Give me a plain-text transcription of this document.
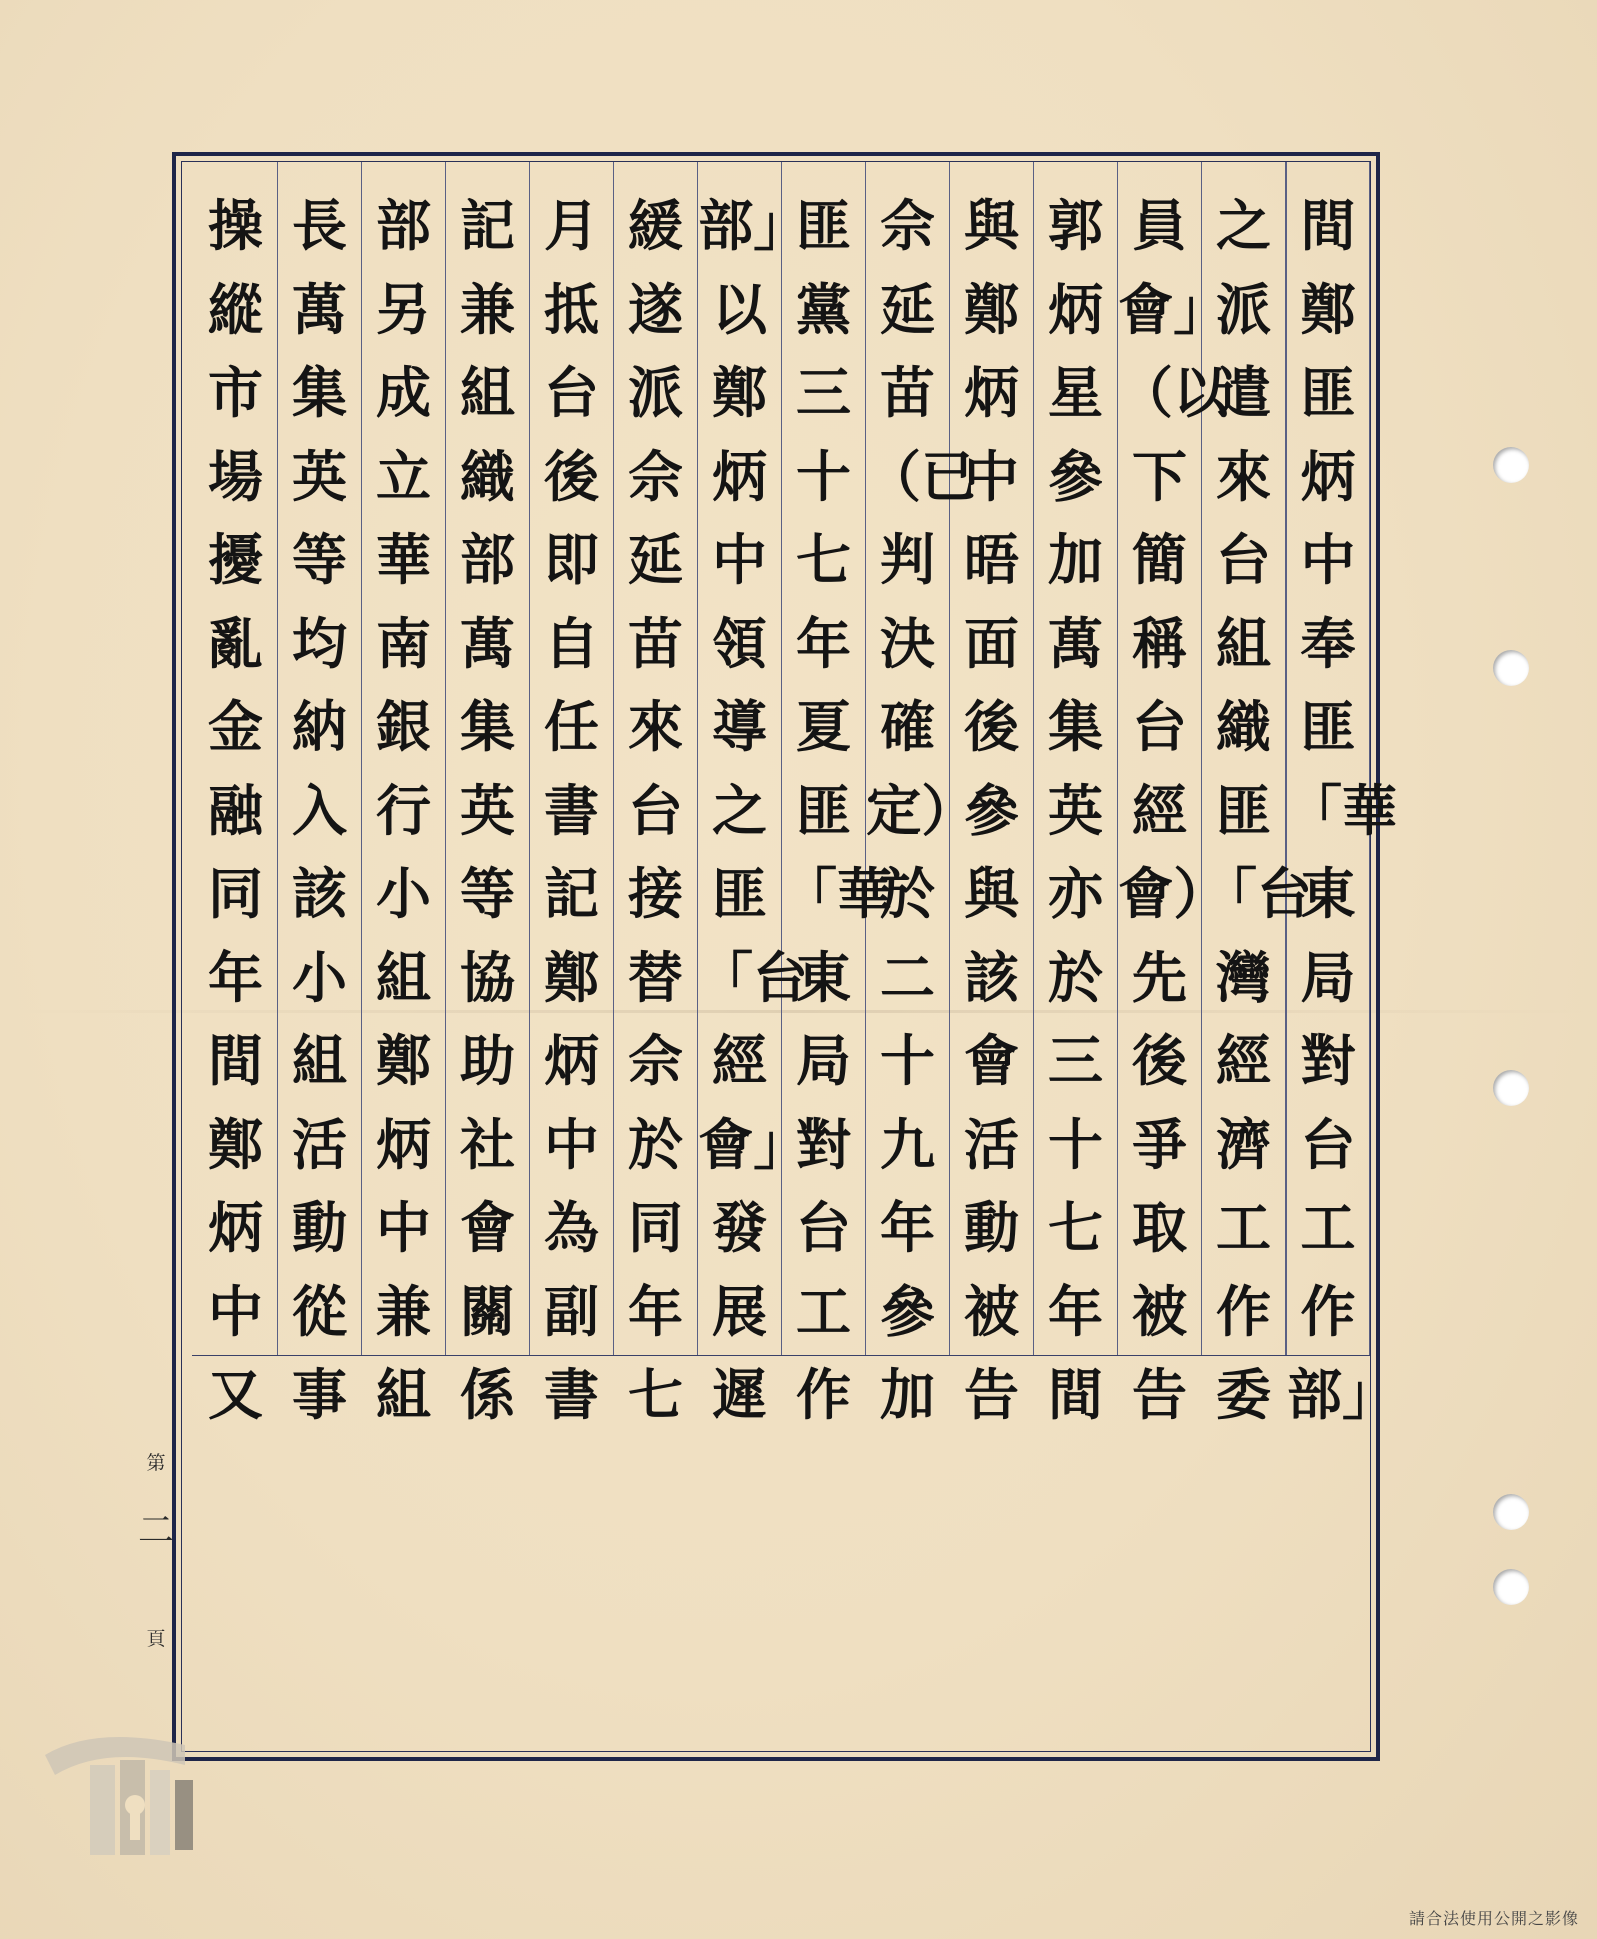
間鄭匪炳中奉匪「華東局對台工作部」
之派遣來台組織匪「台灣經濟工作委
員會」（以下簡稱台經會）先後爭取被告
郭炳星參加萬集英亦於三十七年間
與鄭炳中晤面後參與該會活動被告
佘延苗（已判決確定）於二十九年參加
匪黨三十七年夏匪「華東局對台工作
部」以鄭炳中領導之匪「台經會」發展遲
緩遂派佘延苗來台接替佘於同年七
月抵台後即自任書記鄭炳中為副書
記兼組織部萬集英等協助社會關係
部另成立華南銀行小組鄭炳中兼組
長萬集英等均納入該小組活動從事
操縱市場擾亂金融同年間鄭炳中又
第
二
頁
請合法使用公開之影像
